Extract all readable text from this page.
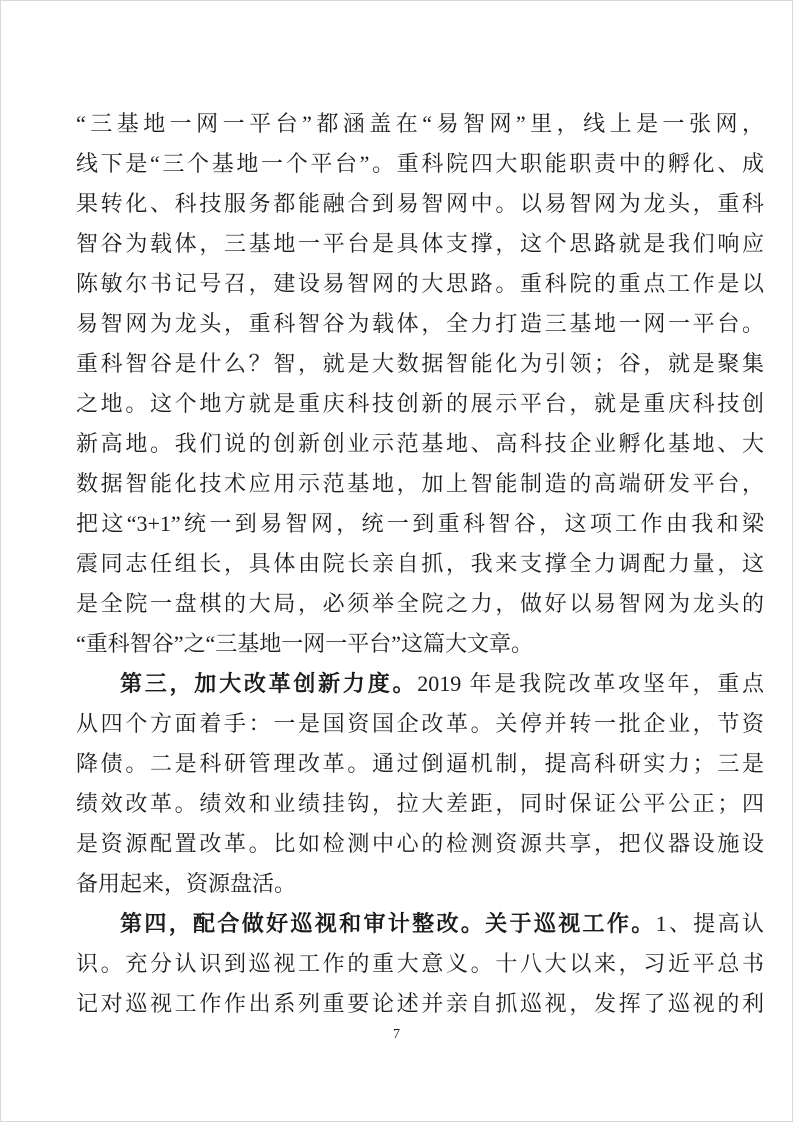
“三基地一网一平台”都涵盖在“易智网”里，线上是一张网，
线下是“三个基地一个平台”。重科院四大职能职责中的孵化、成
果转化、科技服务都能融合到易智网中。以易智网为龙头，重科
智谷为载体，三基地一平台是具体支撑，这个思路就是我们响应
陈敏尔书记号召，建设易智网的大思路。重科院的重点工作是以
易智网为龙头，重科智谷为载体，全力打造三基地一网一平台。
重科智谷是什么？智，就是大数据智能化为引领；谷，就是聚集
之地。这个地方就是重庆科技创新的展示平台，就是重庆科技创
新高地。我们说的创新创业示范基地、高科技企业孵化基地、大
数据智能化技术应用示范基地，加上智能制造的高端研发平台，
把这“3+1”统一到易智网，统一到重科智谷，这项工作由我和梁
震同志任组长，具体由院长亲自抓，我来支撑全力调配力量，这
是全院一盘棋的大局，必须举全院之力，做好以易智网为龙头的
“重科智谷”之“三基地一网一平台”这篇大文章。
第三，加大改革创新力度。2019 年是我院改革攻坚年，重点
从四个方面着手：一是国资国企改革。关停并转一批企业，节资
降债。二是科研管理改革。通过倒逼机制，提高科研实力；三是
绩效改革。绩效和业绩挂钩，拉大差距，同时保证公平公正；四
是资源配置改革。比如检测中心的检测资源共享，把仪器设施设
备用起来，资源盘活。
第四，配合做好巡视和审计整改。关于巡视工作。1、提高认
识。充分认识到巡视工作的重大意义。十八大以来，习近平总书
记对巡视工作作出系列重要论述并亲自抓巡视，发挥了巡视的利
7
